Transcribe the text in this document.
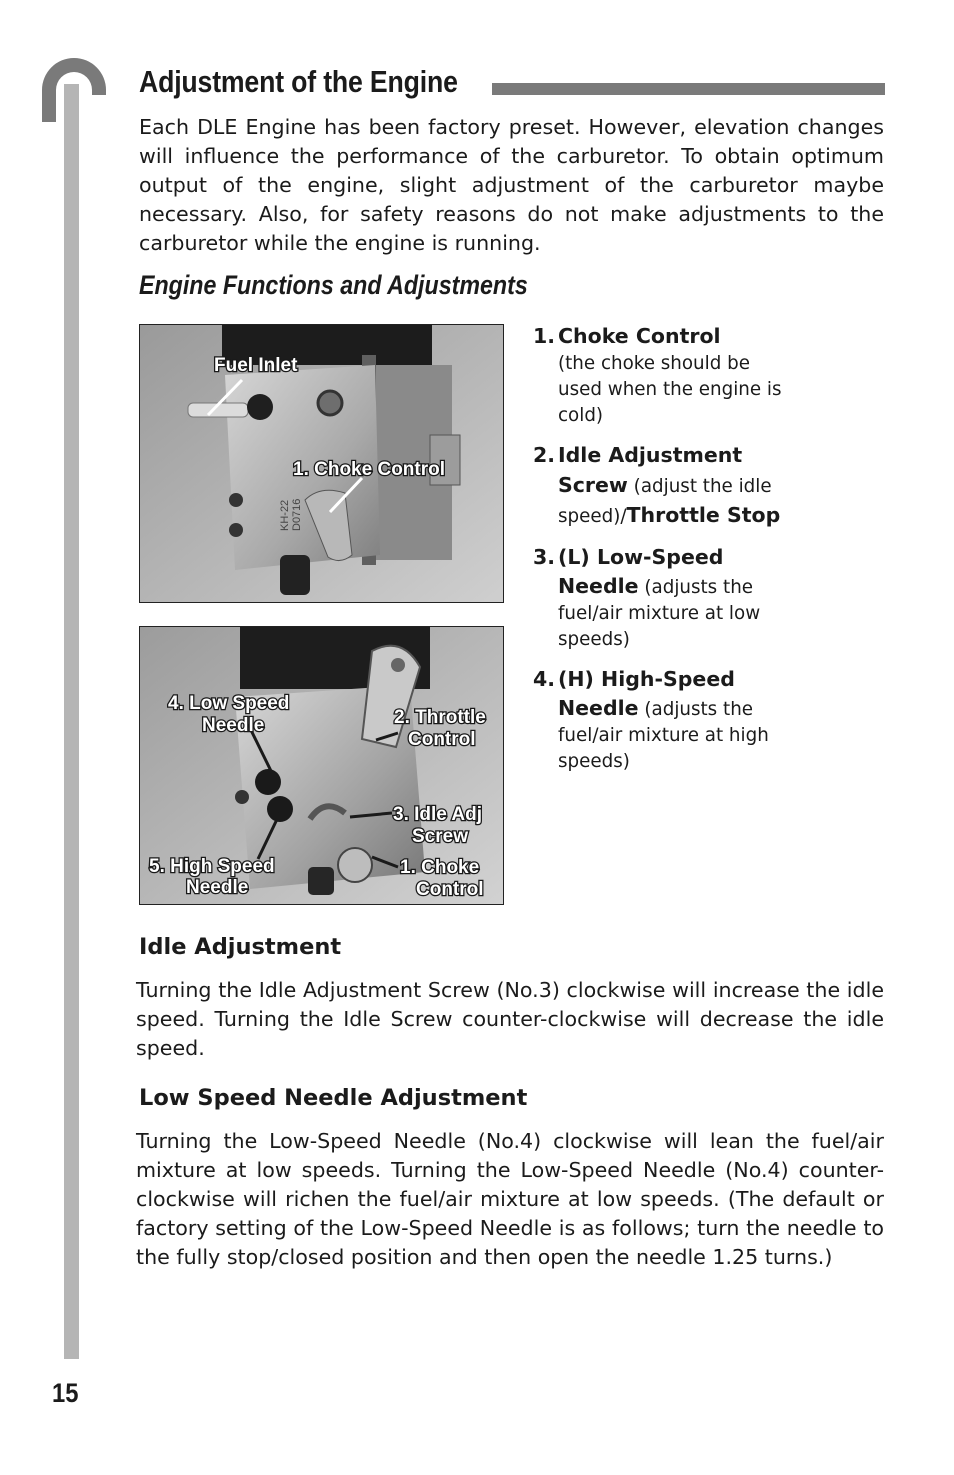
Adjustment of the Engine

Each DLE Engine has been factory preset. However, elevation changes will influence the performance of the carburetor. To obtain optimum output of the engine, slight adjustment of the carburetor maybe necessary. Also, for safety reasons do not make adjustments to the carburetor while the engine is running.

Engine Functions and Adjustments
Fuel Inlet
1. Choke Control
KH-22 D0716
4. Low Speed
Needle	2. Throttle
Control
3. Idle Adj
Screw
5. High Speed
Needle
1. Choke
Control
1. Choke Control
(the choke should be used when the engine is cold)
2. Idle Adjustment Screw (adjust the idle speed)/Throttle Stop
3. (L) Low-Speed Needle (adjusts the fuel/air mixture at low speeds)
4. (H) High-Speed Needle (adjusts the fuel/air mixture at high speeds)
Idle Adjustment

Turning the Idle Adjustment Screw (No.3) clockwise will increase the idle speed. Turning the Idle Screw counter-clockwise will decrease the idle speed.

Low Speed Needle Adjustment

Turning the Low-Speed Needle (No.4) clockwise will lean the fuel/air mixture at low speeds. Turning the Low-Speed Needle (No.4) counter-clockwise will richen the fuel/air mixture at low speeds. (The default or factory setting of the Low-Speed Needle is as follows; turn the needle to the fully stop/closed position and then open the needle 1.25 turns.)

15
